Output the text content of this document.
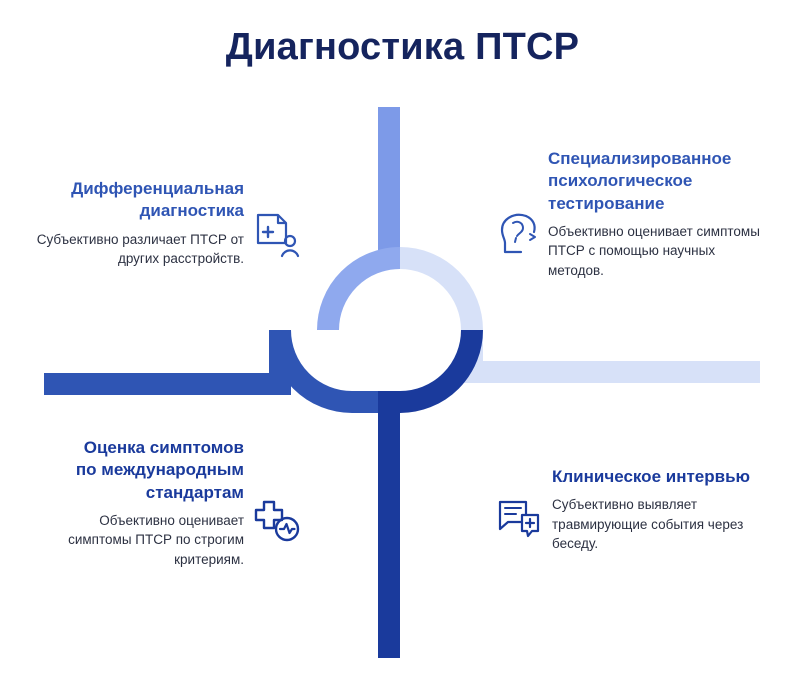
Диагностика ПТСР
Дифференциальная диагностика
Субъективно различает ПТСР от других расстройств.
Специализированное психологическое тестирование
Объективно оценивает симптомы ПТСР с помощью научных методов.
Оценка симптомов по международным стандартам
Объективно оценивает симптомы ПТСР по строгим критериям.
Клиническое интервью
Субъективно выявляет травмирующие события через беседу.
